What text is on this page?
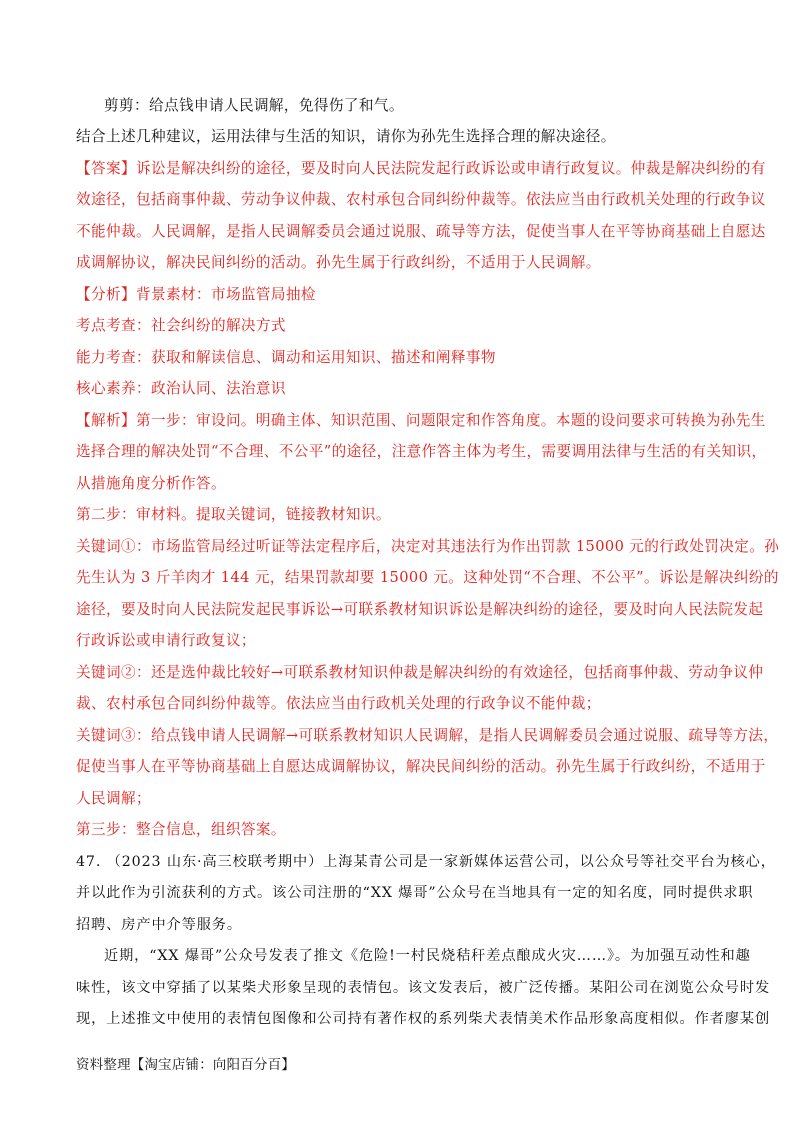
剪剪：给点钱申请人民调解，免得伤了和气。
结合上述几种建议，运用法律与生活的知识，请你为孙先生选择合理的解决途径。
【答案】诉讼是解决纠纷的途径，要及时向人民法院发起行政诉讼或申请行政复议。仲裁是解决纠纷的有
效途径，包括商事仲裁、劳动争议仲裁、农村承包合同纠纷仲裁等。依法应当由行政机关处理的行政争议
不能仲裁。人民调解，是指人民调解委员会通过说服、疏导等方法，促使当事人在平等协商基础上自愿达
成调解协议，解决民间纠纷的活动。孙先生属于行政纠纷，不适用于人民调解。
【分析】背景素材：市场监管局抽检
考点考查：社会纠纷的解决方式
能力考查：获取和解读信息、调动和运用知识、描述和阐释事物
核心素养：政治认同、法治意识
【解析】第一步：审设问。明确主体、知识范围、问题限定和作答角度。本题的设问要求可转换为孙先生
选择合理的解决处罚“不合理、不公平”的途径，注意作答主体为考生，需要调用法律与生活的有关知识，
从措施角度分析作答。
第二步：审材料。提取关键词，链接教材知识。
关键词①：市场监管局经过听证等法定程序后，决定对其违法行为作出罚款 15000 元的行政处罚决定。孙
先生认为 3 斤羊肉才 144 元，结果罚款却要 15000 元。这种处罚“不合理、不公平”。诉讼是解决纠纷的
途径，要及时向人民法院发起民事诉讼→可联系教材知识诉讼是解决纠纷的途径，要及时向人民法院发起
行政诉讼或申请行政复议；
关键词②：还是选仲裁比较好→可联系教材知识仲裁是解决纠纷的有效途径，包括商事仲裁、劳动争议仲
裁、农村承包合同纠纷仲裁等。依法应当由行政机关处理的行政争议不能仲裁；
关键词③：给点钱申请人民调解→可联系教材知识人民调解，是指人民调解委员会通过说服、疏导等方法，
促使当事人在平等协商基础上自愿达成调解协议，解决民间纠纷的活动。孙先生属于行政纠纷，不适用于
人民调解；
第三步：整合信息，组织答案。
47. （2023 山东·高三校联考期中）上海某青公司是一家新媒体运营公司，以公众号等社交平台为核心，
并以此作为引流获利的方式。该公司注册的“XX 爆哥”公众号在当地具有一定的知名度，同时提供求职
招聘、房产中介等服务。
近期，“XX 爆哥”公众号发表了推文《危险!一村民烧秸秆差点酿成火灾……》。为加强互动性和趣
味性，该文中穿插了以某柴犬形象呈现的表情包。该文发表后，被广泛传播。某阳公司在浏览公众号时发
现，上述推文中使用的表情包图像和公司持有著作权的系列柴犬表情美术作品形象高度相似。作者廖某创
资料整理【淘宝店铺：向阳百分百】
